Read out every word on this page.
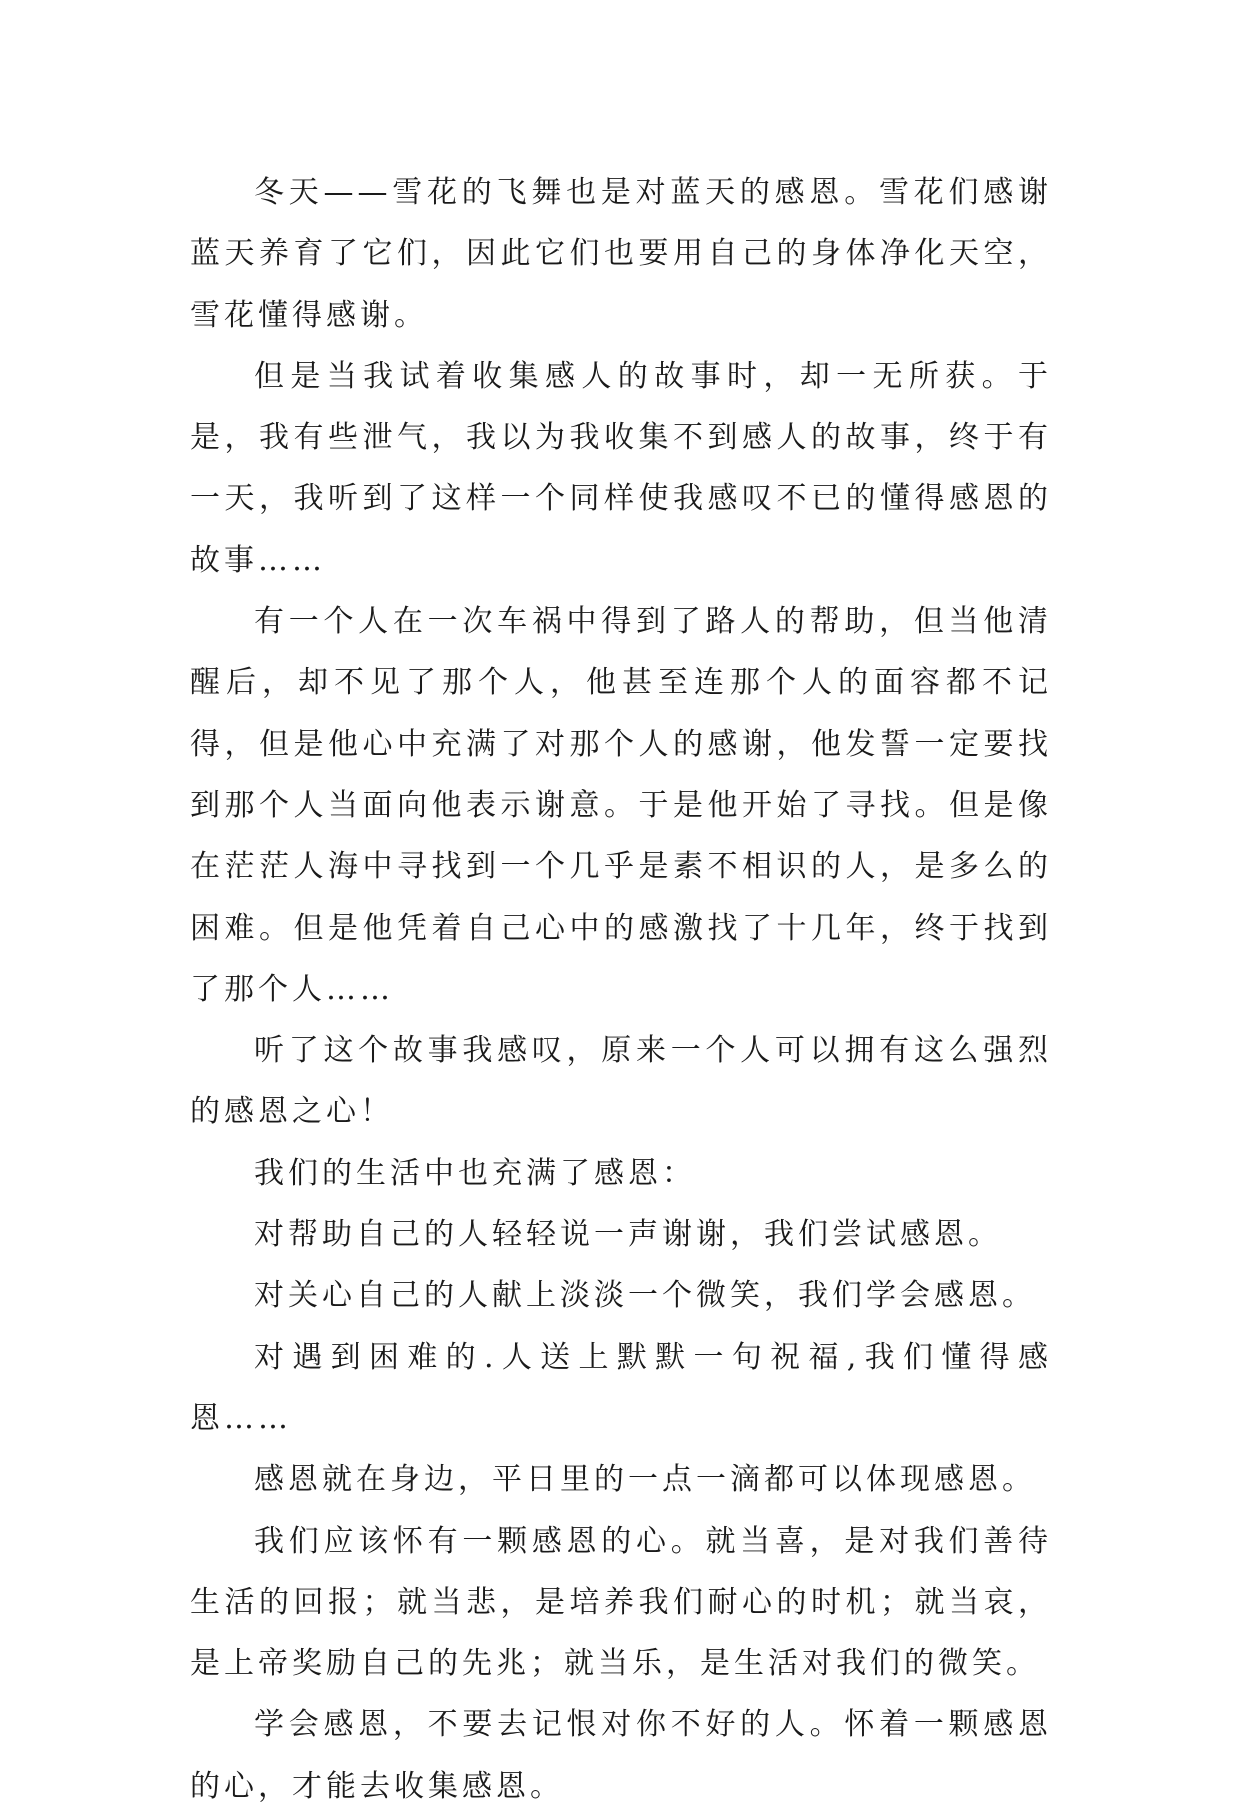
冬天——雪花的飞舞也是对蓝天的感恩。雪花们感谢蓝天养育了它们，因此它们也要用自己的身体净化天空，雪花懂得感谢。

但是当我试着收集感人的故事时，却一无所获。于是，我有些泄气，我以为我收集不到感人的故事，终于有一天，我听到了这样一个同样使我感叹不已的懂得感恩的故事……

有一个人在一次车祸中得到了路人的帮助，但当他清醒后，却不见了那个人，他甚至连那个人的面容都不记得，但是他心中充满了对那个人的感谢，他发誓一定要找到那个人当面向他表示谢意。于是他开始了寻找。但是像在茫茫人海中寻找到一个几乎是素不相识的人，是多么的困难。但是他凭着自己心中的感激找了十几年，终于找到了那个人……

听了这个故事我感叹，原来一个人可以拥有这么强烈的感恩之心！

我们的生活中也充满了感恩：

对帮助自己的人轻轻说一声谢谢，我们尝试感恩。

对关心自己的人献上淡淡一个微笑，我们学会感恩。

对遇到困难的.人送上默默一句祝福,我们懂得感恩……

感恩就在身边，平日里的一点一滴都可以体现感恩。

我们应该怀有一颗感恩的心。就当喜，是对我们善待生活的回报；就当悲，是培养我们耐心的时机；就当哀，是上帝奖励自己的先兆；就当乐，是生活对我们的微笑。

学会感恩，不要去记恨对你不好的人。怀着一颗感恩的心，才能去收集感恩。
